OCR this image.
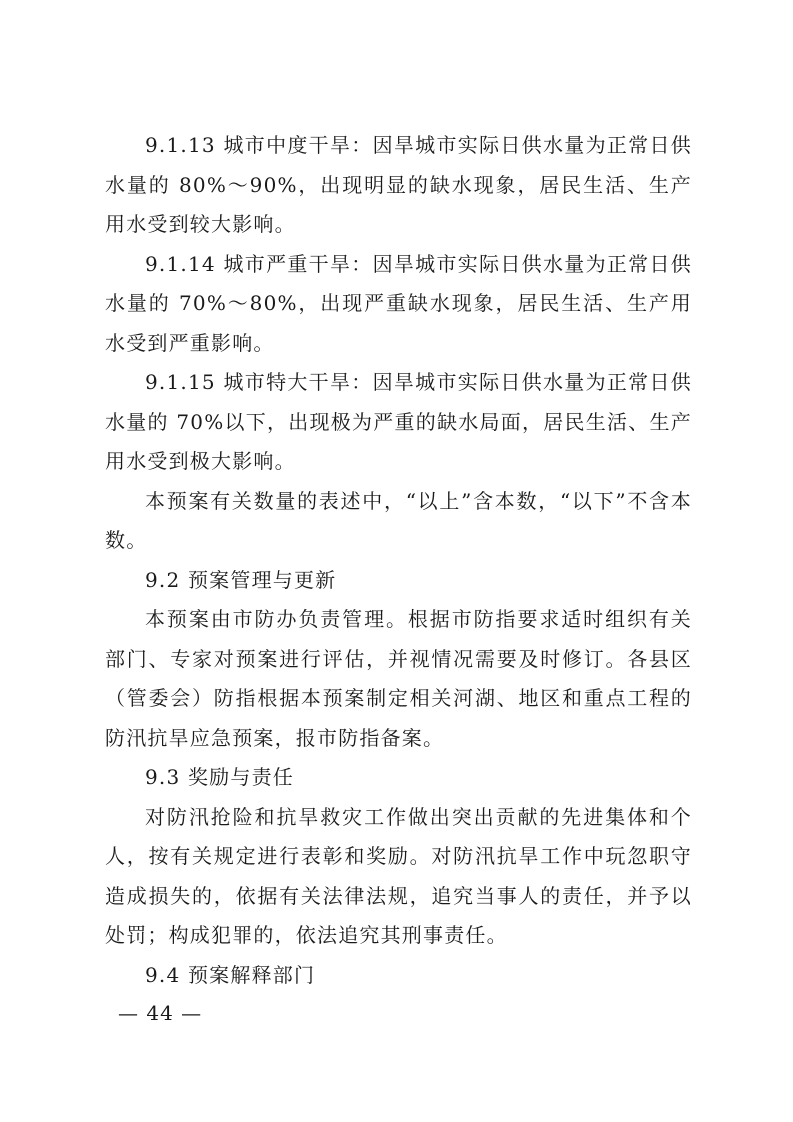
9.1.13 城市中度干旱：因旱城市实际日供水量为正常日供水量的 80%～90%，出现明显的缺水现象，居民生活、生产用水受到较大影响。

9.1.14 城市严重干旱：因旱城市实际日供水量为正常日供水量的 70%～80%，出现严重缺水现象，居民生活、生产用水受到严重影响。

9.1.15 城市特大干旱：因旱城市实际日供水量为正常日供水量的 70%以下，出现极为严重的缺水局面，居民生活、生产用水受到极大影响。

本预案有关数量的表述中，“以上”含本数，“以下”不含本数。

9.2 预案管理与更新

本预案由市防办负责管理。根据市防指要求适时组织有关部门、专家对预案进行评估，并视情况需要及时修订。各县区（管委会）防指根据本预案制定相关河湖、地区和重点工程的防汛抗旱应急预案，报市防指备案。

9.3 奖励与责任

对防汛抢险和抗旱救灾工作做出突出贡献的先进集体和个人，按有关规定进行表彰和奖励。对防汛抗旱工作中玩忽职守造成损失的，依据有关法律法规，追究当事人的责任，并予以处罚；构成犯罪的，依法追究其刑事责任。

9.4 预案解释部门

— 44 —
